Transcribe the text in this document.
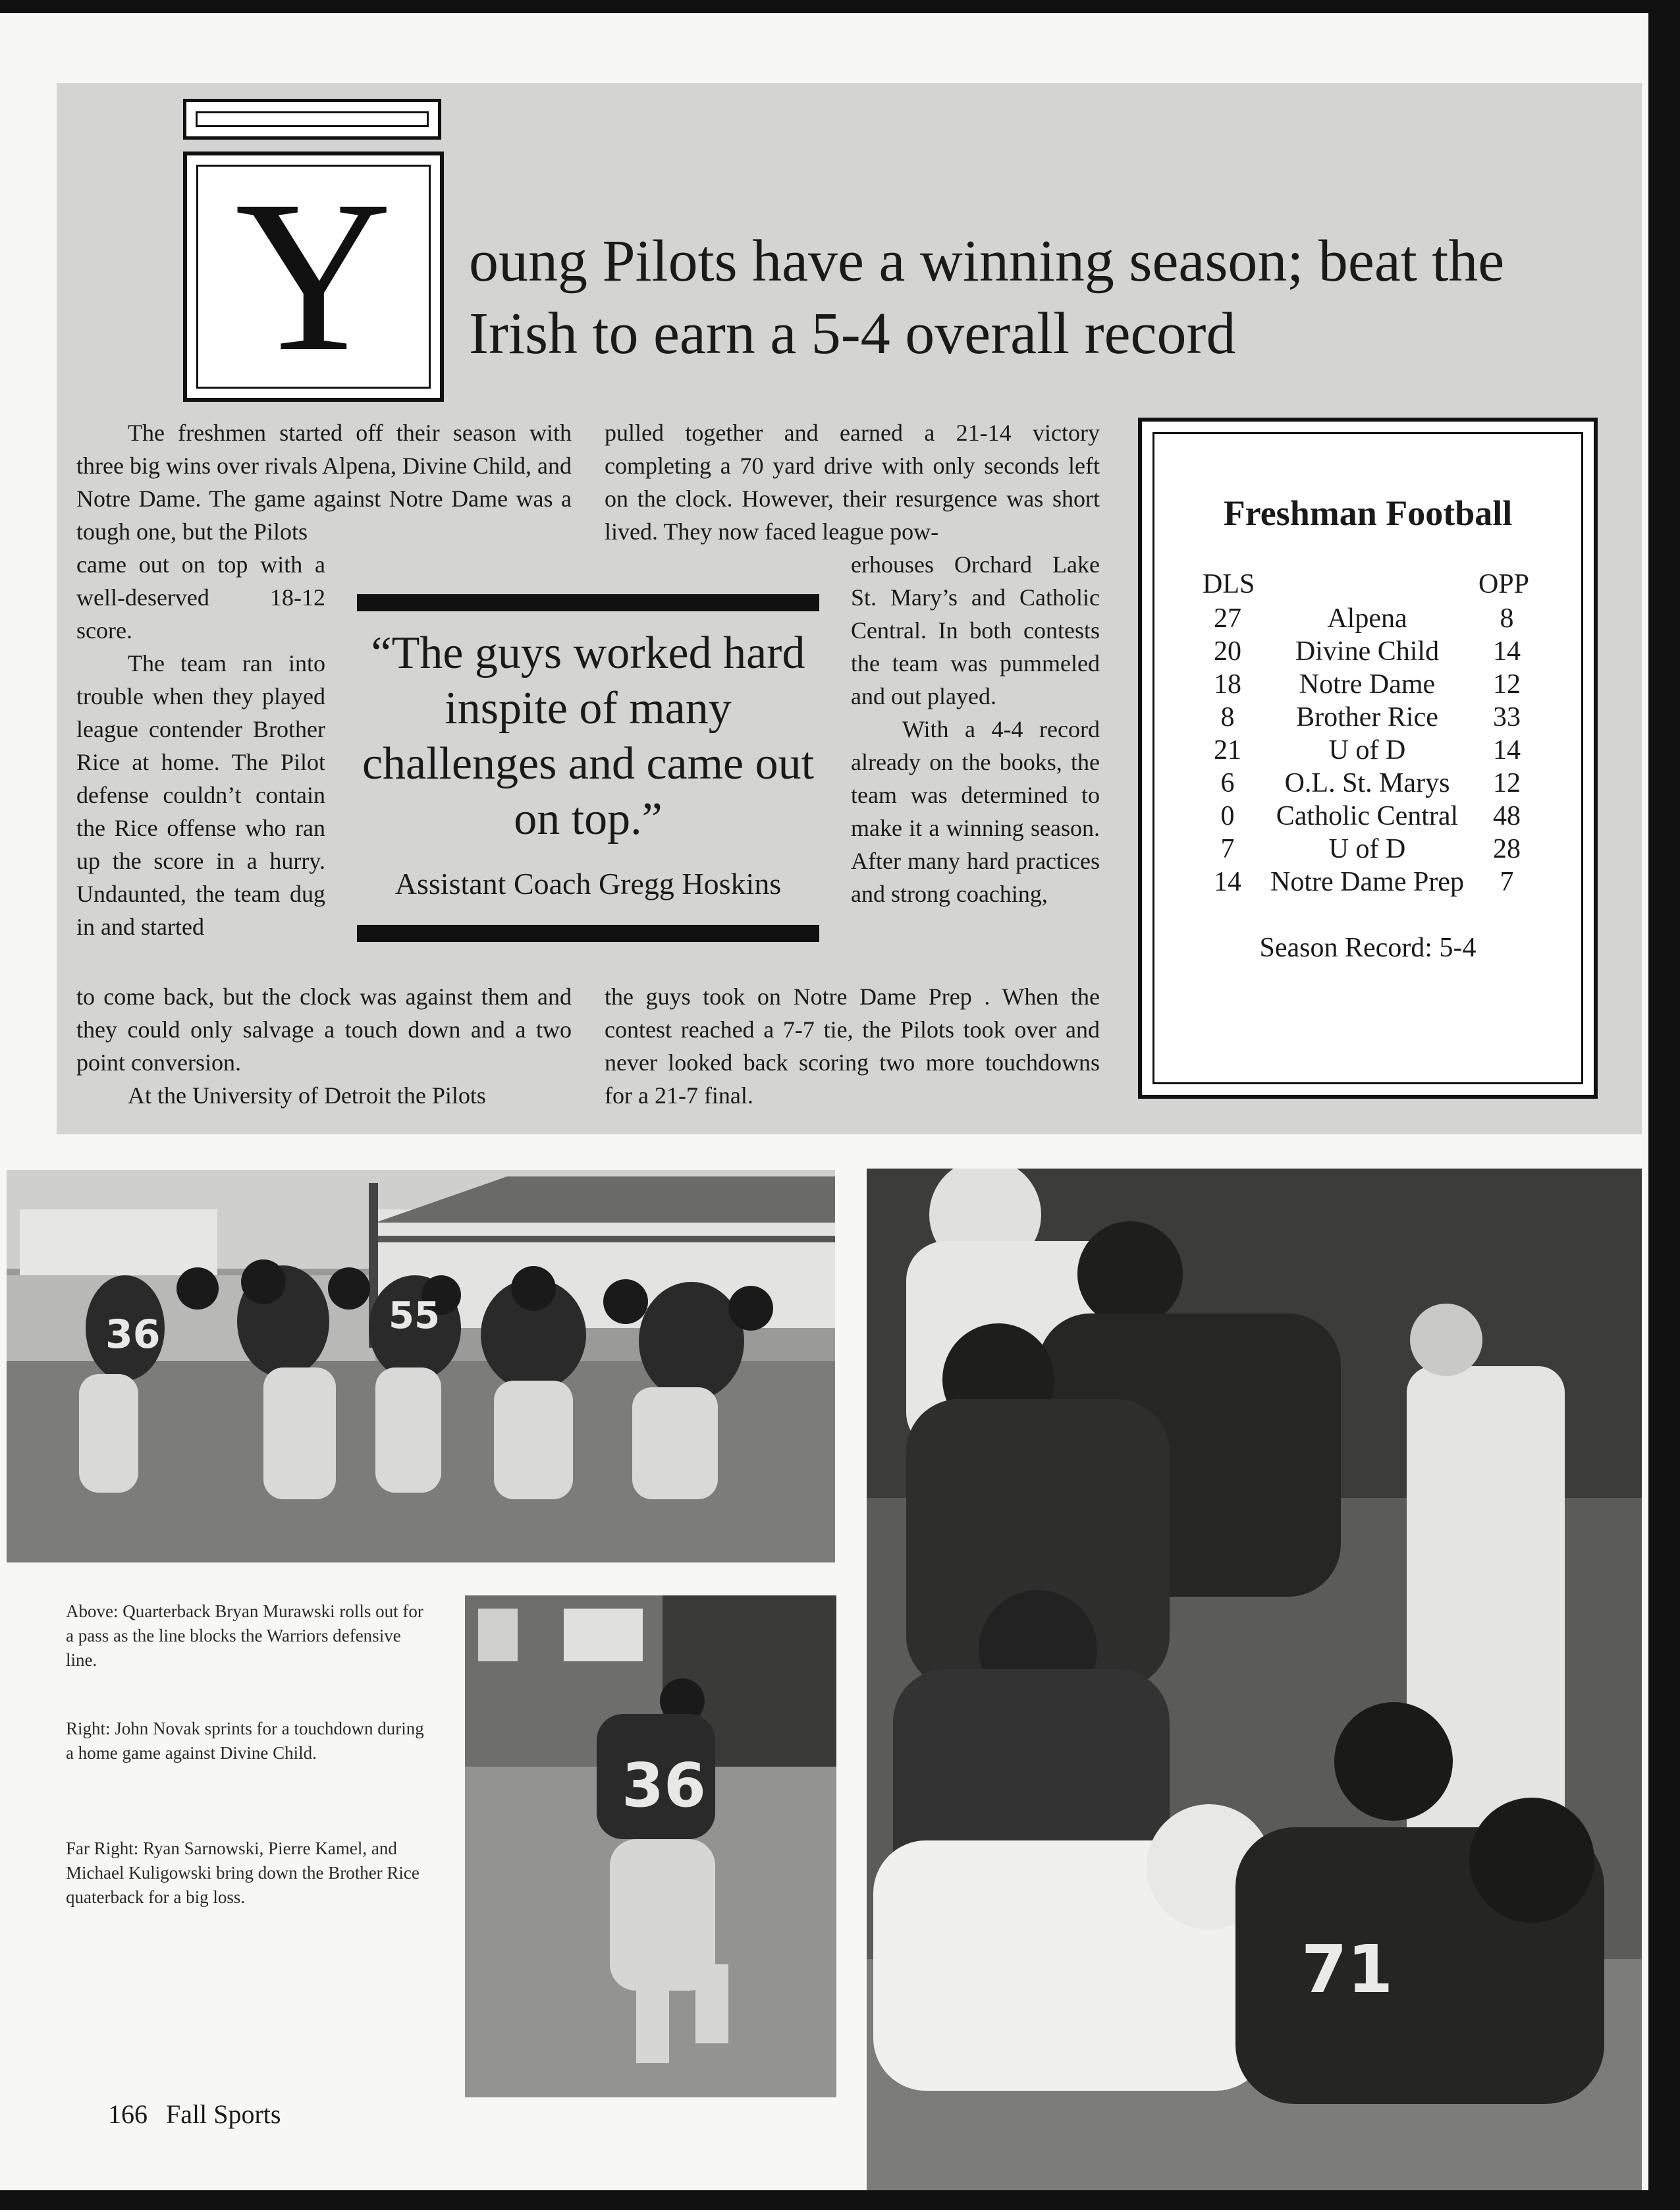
Y	oung Pilots have a winning season; beat the Irish to earn a 5-4 overall record

The freshmen started off their season with three big wins over rivals Alpena, Divine Child, and Notre Dame. The game against Notre Dame was a tough one, but the Pilots

came out on top with a well-deserved 18-12 score.

The team ran into trouble when they played league contender Brother Rice at home. The Pilot defense couldn’t contain the Rice offense who ran up the score in a hurry. Undaunted, the team dug in and started

to come back, but the clock was against them and they could only salvage a touch down and a two point conversion.

At the University of Detroit the Pilots

pulled together and earned a 21-14 victory completing a 70 yard drive with only seconds left on the clock. However, their resurgence was short lived. They now faced league pow-

erhouses Orchard Lake St. Mary’s and Catholic Central. In both contests the team was pummeled and out played.

With a 4-4 record already on the books, the team was determined to make it a winning season. After many hard practices and strong coaching,

the guys took on Notre Dame Prep . When the contest reached a 7-7 tie, the Pilots took over and never looked back scoring two more touchdowns for a 21-7 final.

“The guys worked hard inspite of many challenges and came out on top.”
Assistant Coach Gregg Hoskins
Freshman Football
DLS	OPP
27	Alpena	8
20	Divine Child	14
18	Notre Dame	12
8	Brother Rice	33
21	U of D	14
6	O.L. St. Marys	12
0	Catholic Central	48
7	U of D	28
14	Notre Dame Prep	7
Season Record: 5-4
36	55
36
71
Above: Quarterback Bryan Murawski rolls out for a pass as the line blocks the Warriors defensive line.
Right: John Novak sprints for a touchdown during a home game against Divine Child.
Far Right: Ryan Sarnowski, Pierre Kamel, and Michael Kuligowski bring down the Brother Rice quaterback for a big loss.
166 Fall Sports
